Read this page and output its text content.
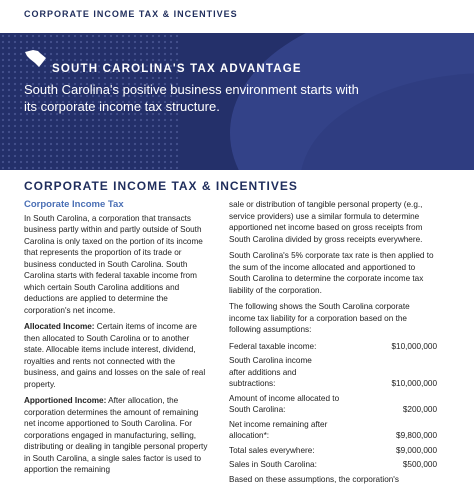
CORPORATE INCOME TAX & INCENTIVES
SOUTH CAROLINA'S TAX ADVANTAGE
South Carolina's positive business environment starts with its corporate income tax structure.
CORPORATE INCOME TAX & INCENTIVES
Corporate Income Tax

In South Carolina, a corporation that transacts business partly within and partly outside of South Carolina is only taxed on the portion of its income that represents the proportion of its trade or business conducted in South Carolina. South Carolina starts with federal taxable income from which certain South Carolina additions and deductions are applied to determine the corporation's net income.

Allocated Income: Certain items of income are then allocated to South Carolina or to another state. Allocable items include interest, dividend, royalties and rents not connected with the business, and gains and losses on the sale of real property.

Apportioned Income: After allocation, the corporation determines the amount of remaining net income apportioned to South Carolina. For corporations engaged in manufacturing, selling, distributing or dealing in tangible personal property in South Carolina, a single sales factor is used to apportion the remaining

sale or distribution of tangible personal property (e.g., service providers) use a similar formula to determine apportioned net income based on gross receipts from South Carolina divided by gross receipts everywhere.

South Carolina's 5% corporate tax rate is then applied to the sum of the income allocated and apportioned to South Carolina to determine the corporate income tax liability of the corporation.

The following shows the South Carolina corporate income tax liability for a corporation based on the following assumptions:

Federal taxable income:	$10,000,000
South Carolina income after additions and subtractions:	$10,000,000
Amount of income allocated to South Carolina:	$200,000
Net income remaining after allocation*:	$9,800,000
Total sales everywhere:	$9,000,000
Sales in South Carolina:	$500,000

Based on these assumptions, the corporation's
